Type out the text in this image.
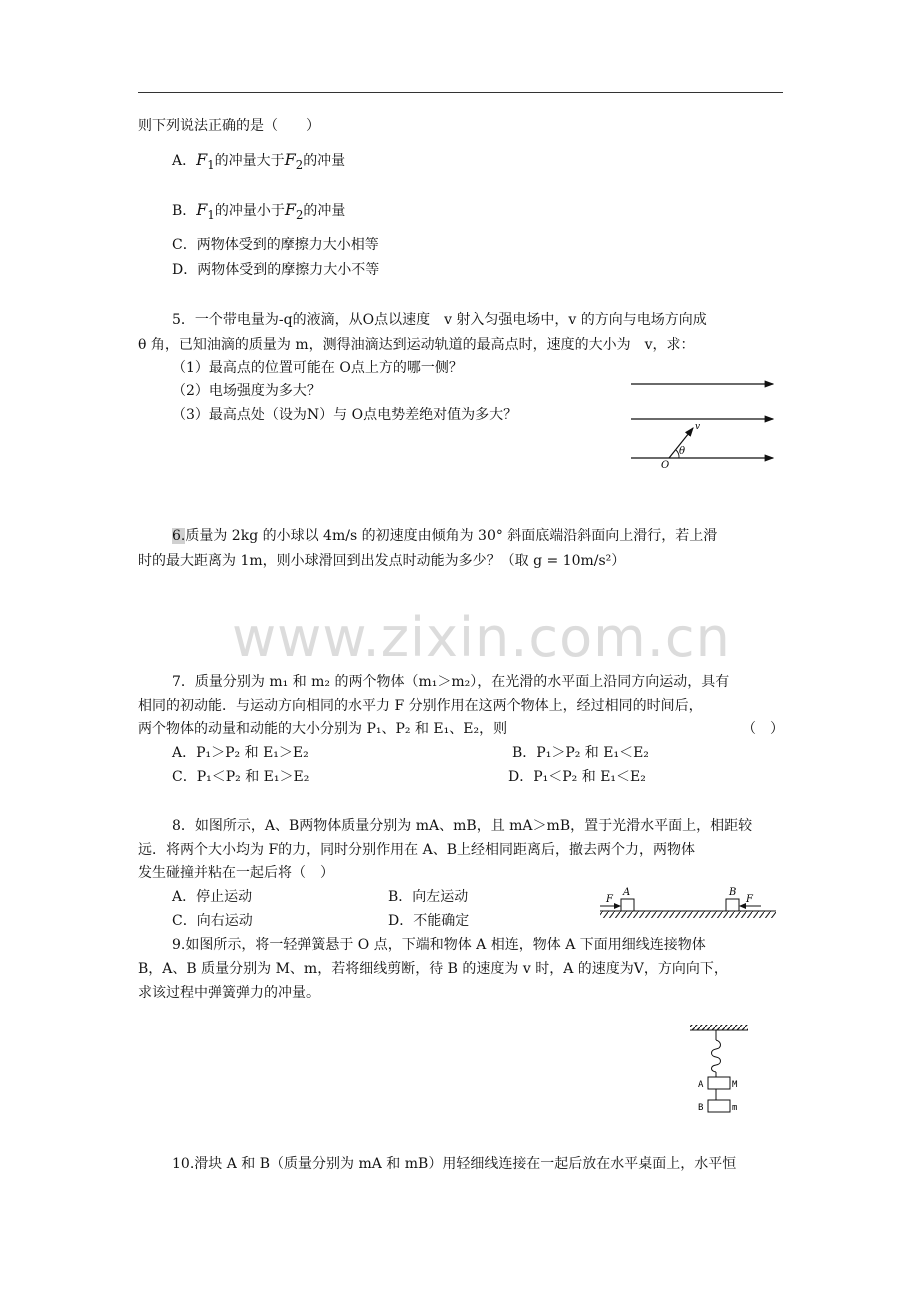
则下列说法正确的是（　　）
A．$F_1$的冲量大于$F_2$的冲量
B．$F_1$的冲量小于$F_2$的冲量
C．两物体受到的摩擦力大小相等
D．两物体受到的摩擦力大小不等
5．一个带电量为-q的液滴，从O点以速度　v 射入匀强电场中，v 的方向与电场方向成
θ 角，已知油滴的质量为 m，测得油滴达到运动轨道的最高点时，速度的大小为　v，求：
（1）最高点的位置可能在 O点上方的哪一侧？
（2）电场强度为多大？
（3）最高点处（设为N）与 O点电势差绝对值为多大？
v
θ
O
6.质量为 2kg 的小球以 4m/s 的初速度由倾角为 30° 斜面底端沿斜面向上滑行，若上滑
时的最大距离为 1m，则小球滑回到出发点时动能为多少？（取 g = 10m/s²）
www.zixin.com.cn
7．质量分别为 m₁ 和 m₂ 的两个物体（m₁＞m₂），在光滑的水平面上沿同方向运动，具有
相同的初动能．与运动方向相同的水平力 F 分别作用在这两个物体上，经过相同的时间后，
两个物体的动量和动能的大小分别为 P₁、P₂ 和 E₁、E₂，则	（　）
A．P₁＞P₂ 和 E₁＞E₂	B．P₁＞P₂ 和 E₁＜E₂
C．P₁＜P₂ 和 E₁＞E₂	D．P₁＜P₂ 和 E₁＜E₂
8．如图所示，A、B两物体质量分别为 mA、mB，且 mA＞mB，置于光滑水平面上，相距较
远．将两个大小均为 F的力，同时分别作用在 A、B上经相同距离后，撤去两个力，两物体
发生碰撞并粘在一起后将（　）
A．停止运动	B．向左运动
C．向右运动	D．不能确定
F
A	B
F
9.如图所示，将一轻弹簧悬于 O 点，下端和物体 A 相连，物体 A 下面用细线连接物体
B，A、B 质量分别为 M、m，若将细线剪断，待 B 的速度为 v 时，A 的速度为V，方向向下，
求该过程中弹簧弹力的冲量。
A	M
B	m
10.滑块 A 和 B（质量分别为 mA 和 mB）用轻细线连接在一起后放在水平桌面上，水平恒
